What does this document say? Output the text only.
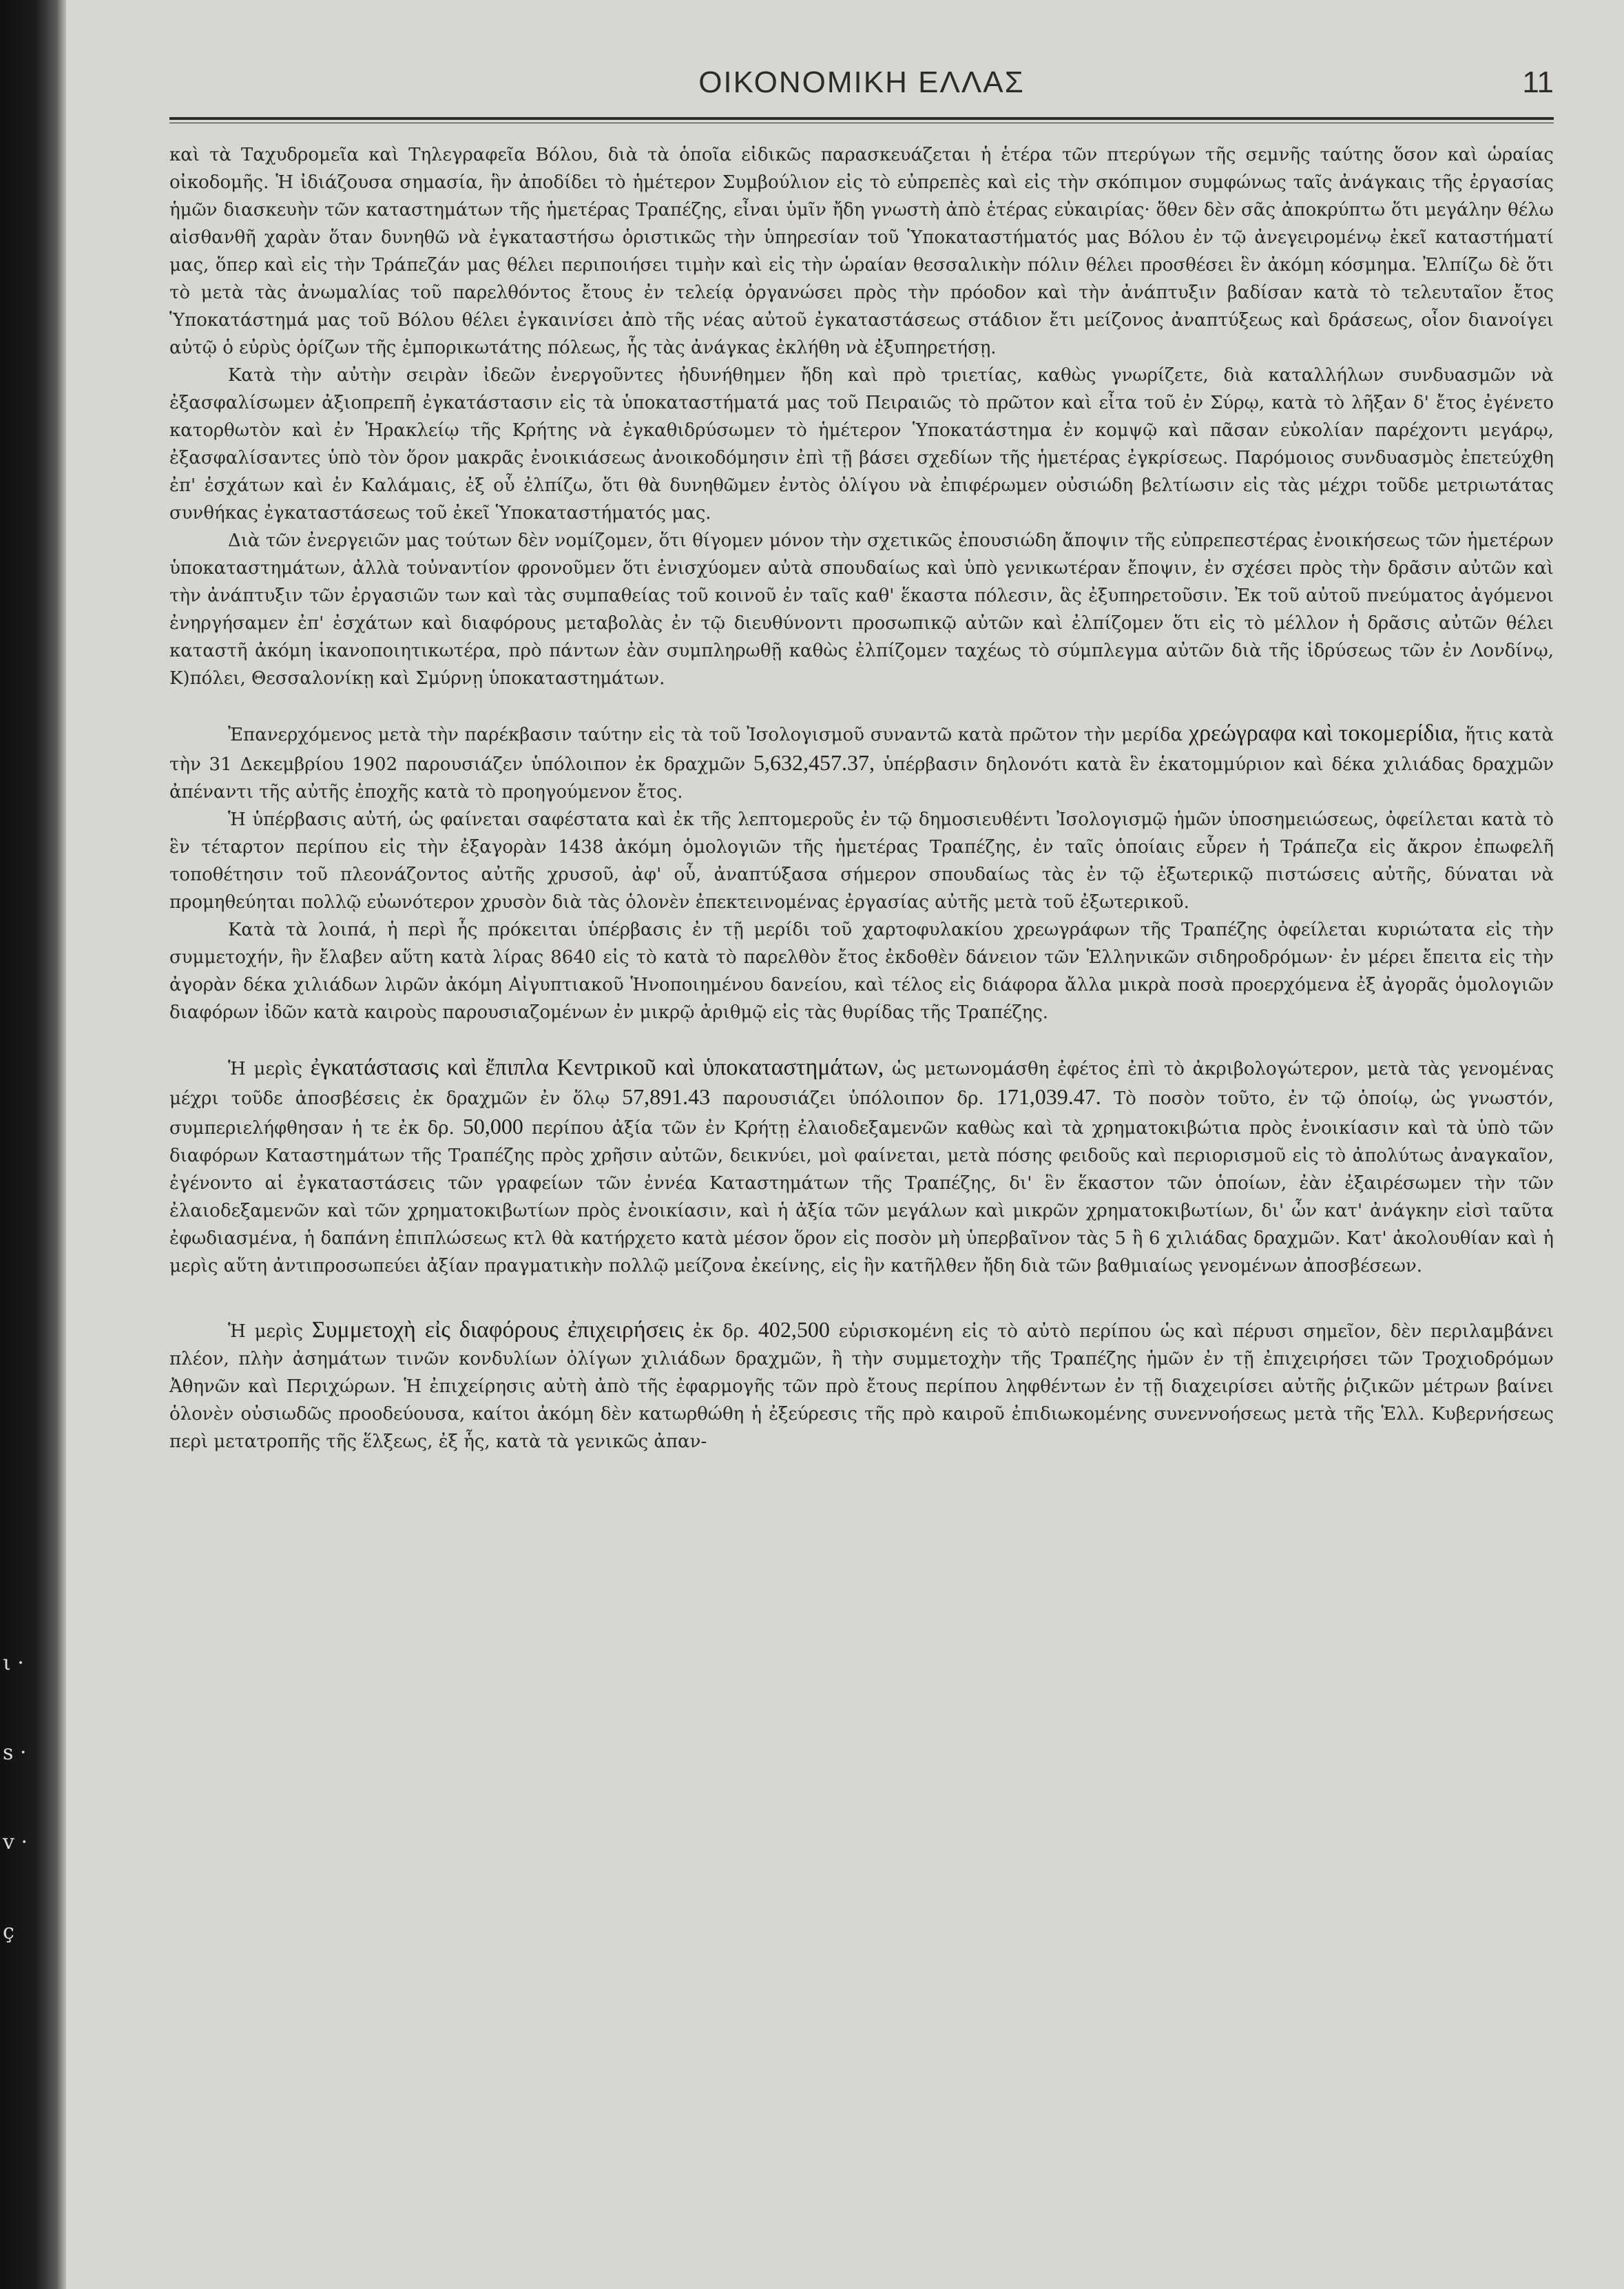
ι · s · v · ç
ΟΙΚΟΝΟΜΙΚΗ ΕΛΛΑΣ	11

καὶ τὰ Ταχυδρομεῖα καὶ Τηλεγραφεῖα Βόλου, διὰ τὰ ὁποῖα εἰδικῶς παρασκευάζεται ἡ ἑτέρα τῶν πτερύγων τῆς σεμνῆς ταύτης ὅσον καὶ ὡραίας οἰκοδομῆς. Ἡ ἰδιάζουσα σημασία, ἣν ἀποδίδει τὸ ἡμέτερον Συμβούλιον εἰς τὸ εὐπρεπὲς καὶ εἰς τὴν σκόπιμον συμφώνως ταῖς ἀνάγκαις τῆς ἐργασίας ἡμῶν διασκευὴν τῶν καταστημάτων τῆς ἡμετέρας Τραπέζης, εἶναι ὑμῖν ἤδη γνωστὴ ἀπὸ ἑτέρας εὐκαιρίας· ὅθεν δὲν σᾶς ἀποκρύπτω ὅτι μεγάλην θέλω αἰσθανθῆ χαρὰν ὅταν δυνηθῶ νὰ ἐγκαταστήσω ὁριστικῶς τὴν ὑπηρεσίαν τοῦ Ὑποκαταστήματός μας Βόλου ἐν τῷ ἀνεγειρομένῳ ἐκεῖ καταστήματί μας, ὅπερ καὶ εἰς τὴν Τράπεζάν μας θέλει περιποιήσει τιμὴν καὶ εἰς τὴν ὡραίαν θεσσαλικὴν πόλιν θέλει προσθέσει ἓν ἀκόμη κόσμημα. Ἐλπίζω δὲ ὅτι τὸ μετὰ τὰς ἀνωμαλίας τοῦ παρελθόντος ἔτους ἐν τελείᾳ ὀργανώσει πρὸς τὴν πρόοδον καὶ τὴν ἀνάπτυξιν βαδίσαν κατὰ τὸ τελευταῖον ἔτος Ὑποκατάστημά μας τοῦ Βόλου θέλει ἐγκαινίσει ἀπὸ τῆς νέας αὐτοῦ ἐγκαταστάσεως στάδιον ἔτι μείζονος ἀναπτύξεως καὶ δράσεως, οἷον διανοίγει αὐτῷ ὁ εὐρὺς ὁρίζων τῆς ἐμπορικωτάτης πόλεως, ἧς τὰς ἀνάγκας ἐκλήθη νὰ ἐξυπηρετήσῃ.

Κατὰ τὴν αὐτὴν σειρὰν ἰδεῶν ἐνεργοῦντες ἠδυνήθημεν ἤδη καὶ πρὸ τριετίας, καθὼς γνωρίζετε, διὰ καταλλήλων συνδυασμῶν νὰ ἐξασφαλίσωμεν ἀξιοπρεπῆ ἐγκατάστασιν εἰς τὰ ὑποκαταστήματά μας τοῦ Πειραιῶς τὸ πρῶτον καὶ εἶτα τοῦ ἐν Σύρῳ, κατὰ τὸ λῆξαν δ' ἔτος ἐγένετο κατορθωτὸν καὶ ἐν Ἡρακλείῳ τῆς Κρήτης νὰ ἐγκαθιδρύσωμεν τὸ ἡμέτερον Ὑποκατάστημα ἐν κομψῷ καὶ πᾶσαν εὐκολίαν παρέχοντι μεγάρῳ, ἐξασφαλίσαντες ὑπὸ τὸν ὅρον μακρᾶς ἐνοικιάσεως ἀνοικοδόμησιν ἐπὶ τῇ βάσει σχεδίων τῆς ἡμετέρας ἐγκρίσεως. Παρόμοιος συνδυασμὸς ἐπετεύχθη ἐπ' ἐσχάτων καὶ ἐν Καλάμαις, ἐξ οὗ ἐλπίζω, ὅτι θὰ δυνηθῶμεν ἐντὸς ὀλίγου νὰ ἐπιφέρωμεν οὐσιώδη βελτίωσιν εἰς τὰς μέχρι τοῦδε μετριωτάτας συνθήκας ἐγκαταστάσεως τοῦ ἐκεῖ Ὑποκαταστήματός μας.

Διὰ τῶν ἐνεργειῶν μας τούτων δὲν νομίζομεν, ὅτι θίγομεν μόνον τὴν σχετικῶς ἐπουσιώδη ἄποψιν τῆς εὐπρεπεστέρας ἐνοικήσεως τῶν ἡμετέρων ὑποκαταστημάτων, ἀλλὰ τοὐναντίον φρονοῦμεν ὅτι ἐνισχύομεν αὐτὰ σπουδαίως καὶ ὑπὸ γενικωτέραν ἔποψιν, ἐν σχέσει πρὸς τὴν δρᾶσιν αὐτῶν καὶ τὴν ἀνάπτυξιν τῶν ἐργασιῶν των καὶ τὰς συμπαθείας τοῦ κοινοῦ ἐν ταῖς καθ' ἕκαστα πόλεσιν, ἃς ἐξυπηρετοῦσιν. Ἐκ τοῦ αὐτοῦ πνεύματος ἀγόμενοι ἐνηργήσαμεν ἐπ' ἐσχάτων καὶ διαφόρους μεταβολὰς ἐν τῷ διευθύνοντι προσωπικῷ αὐτῶν καὶ ἐλπίζομεν ὅτι εἰς τὸ μέλλον ἡ δρᾶσις αὐτῶν θέλει καταστῆ ἀκόμη ἱκανοποιητικωτέρα, πρὸ πάντων ἐὰν συμπληρωθῇ καθὼς ἐλπίζομεν ταχέως τὸ σύμπλεγμα αὐτῶν διὰ τῆς ἱδρύσεως τῶν ἐν Λονδίνῳ, Κ)πόλει, Θεσσαλονίκῃ καὶ Σμύρνῃ ὑποκαταστημάτων.

Ἐπανερχόμενος μετὰ τὴν παρέκβασιν ταύτην εἰς τὰ τοῦ Ἰσολογισμοῦ συναντῶ κατὰ πρῶτον τὴν μερίδα χρεώγραφα καὶ τοκομερίδια, ἥτις κατὰ τὴν 31 Δεκεμβρίου 1902 παρουσιάζεν ὑπόλοιπον ἐκ δραχμῶν 5,632,457.37, ὑπέρβασιν δηλονότι κατὰ ἓν ἑκατομμύριον καὶ δέκα χιλιάδας δραχμῶν ἀπέναντι τῆς αὐτῆς ἐποχῆς κατὰ τὸ προηγούμενον ἔτος.

Ἡ ὑπέρβασις αὐτή, ὡς φαίνεται σαφέστατα καὶ ἐκ τῆς λεπτομεροῦς ἐν τῷ δημοσιευθέντι Ἰσολογισμῷ ἡμῶν ὑποσημειώσεως, ὀφείλεται κατὰ τὸ ἓν τέταρτον περίπου εἰς τὴν ἐξαγορὰν 1438 ἀκόμη ὁμολογιῶν τῆς ἡμετέρας Τραπέζης, ἐν ταῖς ὁποίαις εὗρεν ἡ Τράπεζα εἰς ἄκρον ἐπωφελῆ τοποθέτησιν τοῦ πλεονάζοντος αὐτῆς χρυσοῦ, ἀφ' οὗ, ἀναπτύξασα σήμερον σπουδαίως τὰς ἐν τῷ ἐξωτερικῷ πιστώσεις αὐτῆς, δύναται νὰ προμηθεύηται πολλῷ εὐωνότερον χρυσὸν διὰ τὰς ὁλονὲν ἐπεκτεινομένας ἐργασίας αὐτῆς μετὰ τοῦ ἐξωτερικοῦ.

Κατὰ τὰ λοιπά, ἡ περὶ ἧς πρόκειται ὑπέρβασις ἐν τῇ μερίδι τοῦ χαρτοφυλακίου χρεωγράφων τῆς Τραπέζης ὀφείλεται κυριώτατα εἰς τὴν συμμετοχήν, ἣν ἔλαβεν αὕτη κατὰ λίρας 8640 εἰς τὸ κατὰ τὸ παρελθὸν ἔτος ἐκδοθὲν δάνειον τῶν Ἑλληνικῶν σιδηροδρόμων· ἐν μέρει ἔπειτα εἰς τὴν ἀγορὰν δέκα χιλιάδων λιρῶν ἀκόμη Αἰγυπτιακοῦ Ἡνοποιημένου δανείου, καὶ τέλος εἰς διάφορα ἄλλα μικρὰ ποσὰ προερχόμενα ἐξ ἀγορᾶς ὁμολογιῶν διαφόρων ἰδῶν κατὰ καιροὺς παρουσιαζομένων ἐν μικρῷ ἀριθμῷ εἰς τὰς θυρίδας τῆς Τραπέζης.

Ἡ μερὶς ἐγκατάστασις καὶ ἔπιπλα Κεντρικοῦ καὶ ὑποκαταστημάτων, ὡς μετωνομάσθη ἐφέτος ἐπὶ τὸ ἀκριβολογώτερον, μετὰ τὰς γενομένας μέχρι τοῦδε ἀποσβέσεις ἐκ δραχμῶν ἐν ὅλῳ 57,891.43 παρουσιάζει ὑπόλοιπον δρ. 171,039.47. Τὸ ποσὸν τοῦτο, ἐν τῷ ὁποίῳ, ὡς γνωστόν, συμπεριελήφθησαν ἡ τε ἐκ δρ. 50,000 περίπου ἀξία τῶν ἐν Κρήτῃ ἐλαιοδεξαμενῶν καθὼς καὶ τὰ χρηματοκιβώτια πρὸς ἐνοικίασιν καὶ τὰ ὑπὸ τῶν διαφόρων Καταστημάτων τῆς Τραπέζης πρὸς χρῆσιν αὐτῶν, δεικνύει, μοὶ φαίνεται, μετὰ πόσης φειδοῦς καὶ περιορισμοῦ εἰς τὸ ἀπολύτως ἀναγκαῖον, ἐγένοντο αἱ ἐγκαταστάσεις τῶν γραφείων τῶν ἐννέα Καταστημάτων τῆς Τραπέζης, δι' ἓν ἕκαστον τῶν ὁποίων, ἐὰν ἐξαιρέσωμεν τὴν τῶν ἐλαιοδεξαμενῶν καὶ τῶν χρηματοκιβωτίων πρὸς ἐνοικίασιν, καὶ ἡ ἀξία τῶν μεγάλων καὶ μικρῶν χρηματοκιβωτίων, δι' ὧν κατ' ἀνάγκην εἰσὶ ταῦτα ἐφωδιασμένα, ἡ δαπάνη ἐπιπλώσεως κτλ θὰ κατήρχετο κατὰ μέσον ὅρον εἰς ποσὸν μὴ ὑπερβαῖνον τὰς 5 ἢ 6 χιλιάδας δραχμῶν. Κατ' ἀκολουθίαν καὶ ἡ μερὶς αὕτη ἀντιπροσωπεύει ἀξίαν πραγματικὴν πολλῷ μείζονα ἐκείνης, εἰς ἣν κατῆλθεν ἤδη διὰ τῶν βαθμιαίως γενομένων ἀποσβέσεων.

Ἡ μερὶς Συμμετοχὴ εἰς διαφόρους ἐπιχειρήσεις ἐκ δρ. 402,500 εὑρισκομένη εἰς τὸ αὐτὸ περίπου ὡς καὶ πέρυσι σημεῖον, δὲν περιλαμβάνει πλέον, πλὴν ἀσημάτων τινῶν κονδυλίων ὀλίγων χιλιάδων δραχμῶν, ἢ τὴν συμμετοχὴν τῆς Τραπέζης ἡμῶν ἐν τῇ ἐπιχειρήσει τῶν Τροχιοδρόμων Ἀθηνῶν καὶ Περιχώρων. Ἡ ἐπιχείρησις αὐτὴ ἀπὸ τῆς ἐφαρμογῆς τῶν πρὸ ἔτους περίπου ληφθέντων ἐν τῇ διαχειρίσει αὐτῆς ῥιζικῶν μέτρων βαίνει ὁλονὲν οὐσιωδῶς προοδεύουσα, καίτοι ἀκόμη δὲν κατωρθώθη ἡ ἐξεύρεσις τῆς πρὸ καιροῦ ἐπιδιωκομένης συνεννοήσεως μετὰ τῆς Ἑλλ. Κυβερνήσεως περὶ μετατροπῆς τῆς ἕλξεως, ἐξ ἧς, κατὰ τὰ γενικῶς ἀπαν-
